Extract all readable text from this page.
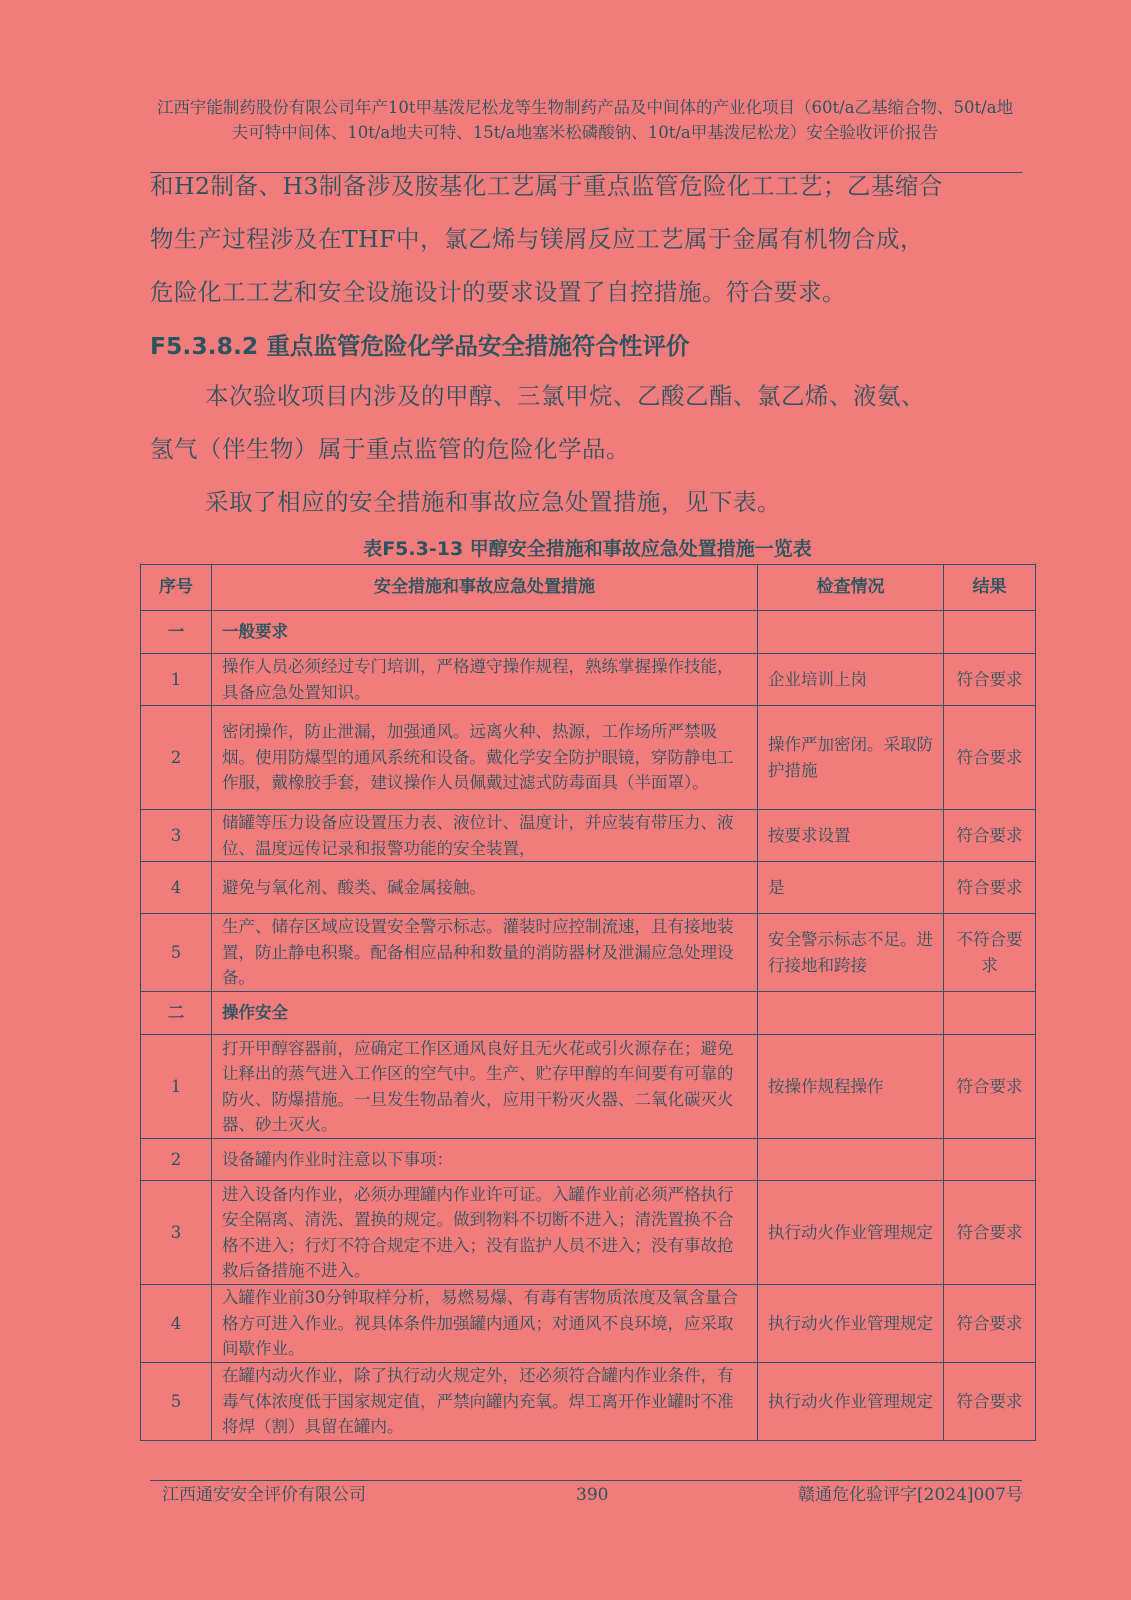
江西宇能制药股份有限公司年产10t甲基泼尼松龙等生物制药产品及中间体的产业化项目（60t/a乙基缩合物、50t/a地夫可特中间体、10t/a地夫可特、15t/a地塞米松磷酸钠、10t/a甲基泼尼松龙）安全验收评价报告
和H2制备、H3制备涉及胺基化工艺属于重点监管危险化工工艺；乙基缩合
物生产过程涉及在THF中，氯乙烯与镁屑反应工艺属于金属有机物合成，
危险化工工艺和安全设施设计的要求设置了自控措施。符合要求。
F5.3.8.2 重点监管危险化学品安全措施符合性评价
本次验收项目内涉及的甲醇、三氯甲烷、乙酸乙酯、氯乙烯、液氨、
氢气（伴生物）属于重点监管的危险化学品。
采取了相应的安全措施和事故应急处置措施，见下表。
表F5.3-13 甲醇安全措施和事故应急处置措施一览表
序号	安全措施和事故应急处置措施	检查情况	结果
一	一般要求		
1	操作人员必须经过专门培训，严格遵守操作规程，熟练掌握操作技能，具备应急处置知识。	企业培训上岗	符合要求
2	密闭操作，防止泄漏，加强通风。远离火种、热源，工作场所严禁吸烟。使用防爆型的通风系统和设备。戴化学安全防护眼镜，穿防静电工作服，戴橡胶手套，建议操作人员佩戴过滤式防毒面具（半面罩）。	操作严加密闭。采取防护措施	符合要求
3	储罐等压力设备应设置压力表、液位计、温度计，并应装有带压力、液位、温度远传记录和报警功能的安全装置，	按要求设置	符合要求
4	避免与氧化剂、酸类、碱金属接触。	是	符合要求
5	生产、储存区域应设置安全警示标志。灌装时应控制流速，且有接地装置，防止静电积聚。配备相应品种和数量的消防器材及泄漏应急处理设备。	安全警示标志不足。进行接地和跨接	不符合要求
二	操作安全		
1	打开甲醇容器前，应确定工作区通风良好且无火花或引火源存在；避免让释出的蒸气进入工作区的空气中。生产、贮存甲醇的车间要有可靠的防火、防爆措施。一旦发生物品着火，应用干粉灭火器、二氧化碳灭火器、砂土灭火。	按操作规程操作	符合要求
2	设备罐内作业时注意以下事项：		
3	进入设备内作业，必须办理罐内作业许可证。入罐作业前必须严格执行安全隔离、清洗、置换的规定。做到物料不切断不进入；清洗置换不合格不进入；行灯不符合规定不进入；没有监护人员不进入；没有事故抢救后备措施不进入。	执行动火作业管理规定	符合要求
4	入罐作业前30分钟取样分析，易燃易爆、有毒有害物质浓度及氧含量合格方可进入作业。视具体条件加强罐内通风；对通风不良环境，应采取间歇作业。	执行动火作业管理规定	符合要求
5	在罐内动火作业，除了执行动火规定外，还必须符合罐内作业条件，有毒气体浓度低于国家规定值，严禁向罐内充氧。焊工离开作业罐时不准将焊（割）具留在罐内。	执行动火作业管理规定	符合要求
江西通安安全评价有限公司	390	赣通危化验评字[2024]007号
